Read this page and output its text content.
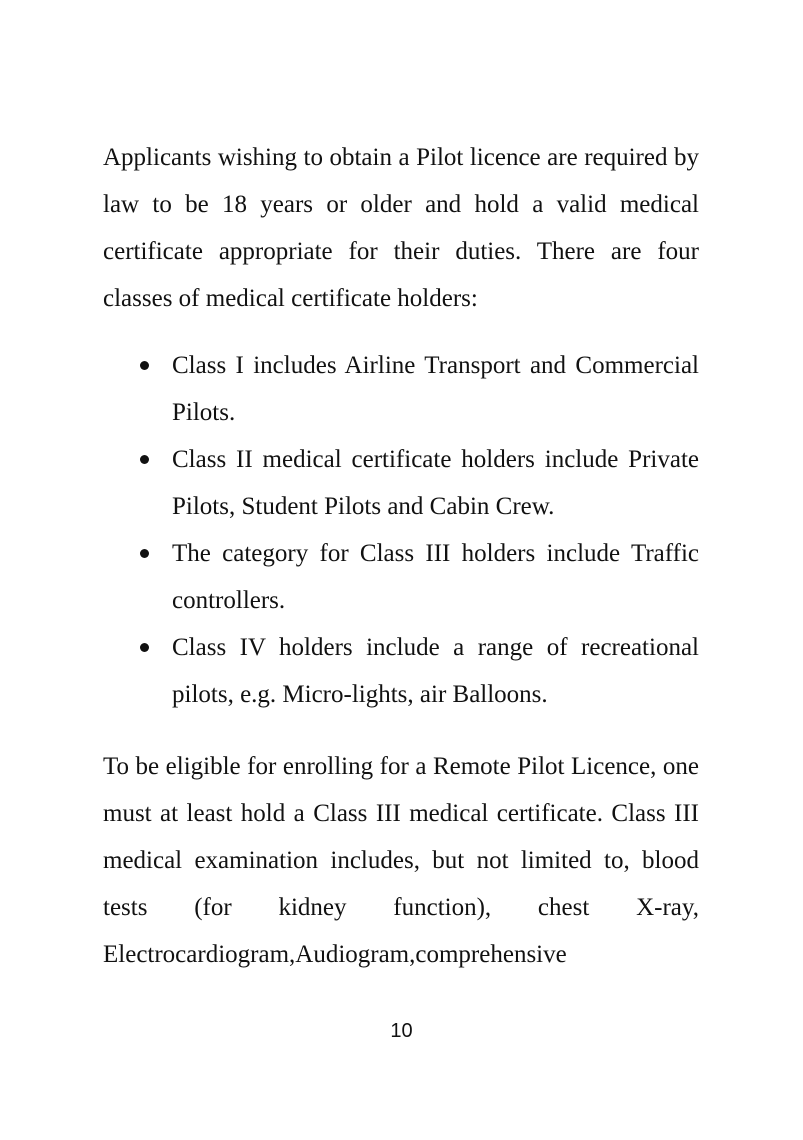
Applicants wishing to obtain a Pilot licence are required by law to be 18 years or older and hold a valid medical certificate appropriate for their duties. There are four classes of medical certificate holders:

Class I includes Airline Transport and Commercial Pilots.
Class II medical certificate holders include Private Pilots, Student Pilots and Cabin Crew.
The category for Class III holders include Traffic controllers.
Class IV holders include a range of recreational pilots, e.g. Micro-lights, air Balloons.

To be eligible for enrolling for a Remote Pilot Licence, one must at least hold a Class III medical certificate. Class III medical examination includes, but not limited to, blood tests (for kidney function), chest X-ray, Electrocardiogram,Audiogram,comprehensive

10
